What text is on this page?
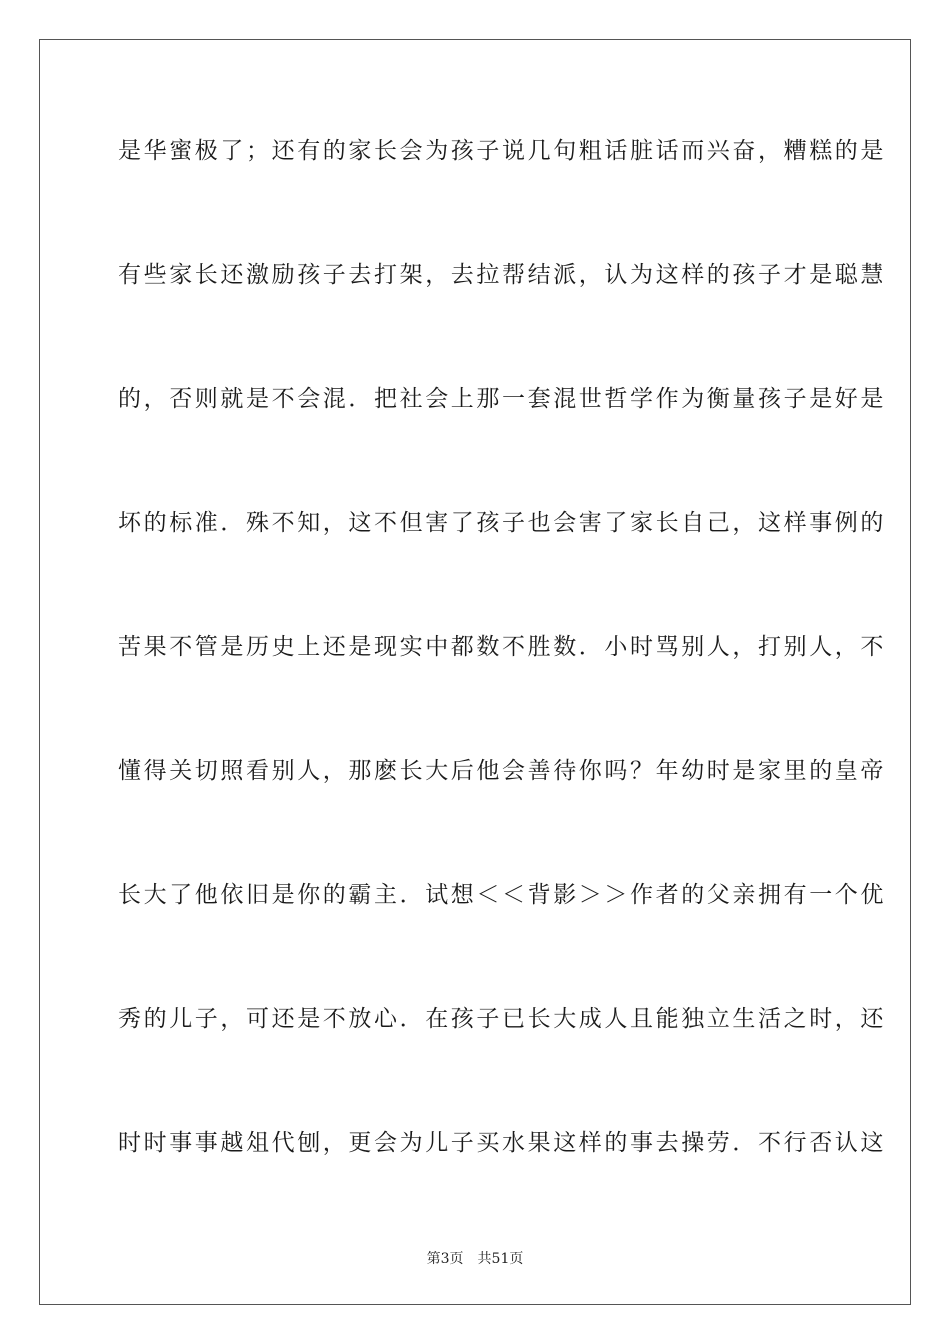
是华蜜极了；还有的家长会为孩子说几句粗话脏话而兴奋，糟糕的是
有些家长还激励孩子去打架，去拉帮结派，认为这样的孩子才是聪慧
的，否则就是不会混．把社会上那一套混世哲学作为衡量孩子是好是
坏的标准．殊不知，这不但害了孩子也会害了家长自己，这样事例的
苦果不管是历史上还是现实中都数不胜数．小时骂别人，打别人，不
懂得关切照看别人，那麽长大后他会善待你吗？年幼时是家里的皇帝
长大了他依旧是你的霸主．试想＜＜背影＞＞作者的父亲拥有一个优
秀的儿子，可还是不放心．在孩子已长大成人且能独立生活之时，还
时时事事越俎代刨，更会为儿子买水果这样的事去操劳．不行否认这
第3页 共51页
